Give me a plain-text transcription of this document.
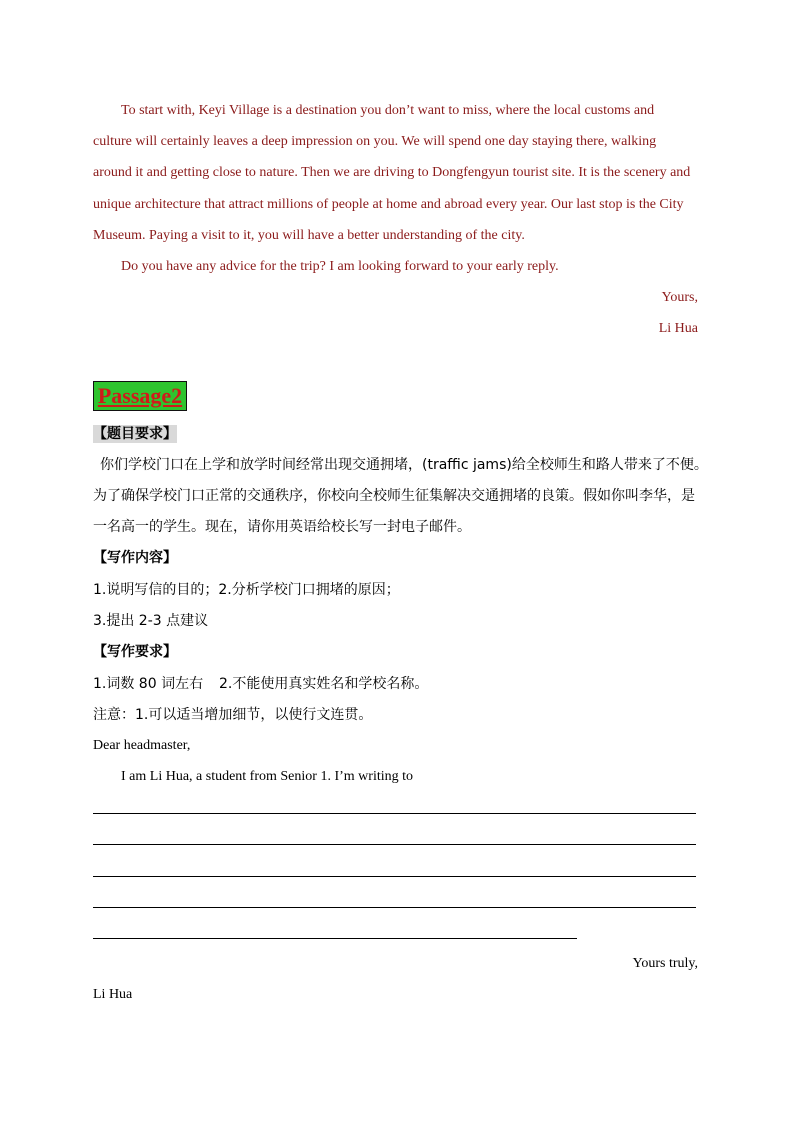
To start with, Keyi Village is a destination you don’t want to miss, where the local customs and
culture will certainly leaves a deep impression on you. We will spend one day staying there, walking
around it and getting close to nature. Then we are driving to Dongfengyun tourist site. It is the scenery and
unique architecture that attract millions of people at home and abroad every year. Our last stop is the City
Museum. Paying a visit to it, you will have a better understanding of the city.
Do you have any advice for the trip? I am looking forward to your early reply.
Yours,
Li Hua
Passage2
【题目要求】
你们学校门口在上学和放学时间经常出现交通拥堵，(traffic jams)给全校师生和路人带来了不便。
为了确保学校门口正常的交通秩序，你校向全校师生征集解决交通拥堵的良策。假如你叫李华，是
一名高一的学生。现在，请你用英语给校长写一封电子邮件。
【写作内容】
1.说明写信的目的；2.分析学校门口拥堵的原因；
3.提出 2-3 点建议
【写作要求】
1.词数 80 词左右 2.不能使用真实姓名和学校名称。
注意：1.可以适当增加细节，以使行文连贯。
Dear headmaster,
I am Li Hua, a student from Senior 1. I’m writing to
Yours truly,
Li Hua
